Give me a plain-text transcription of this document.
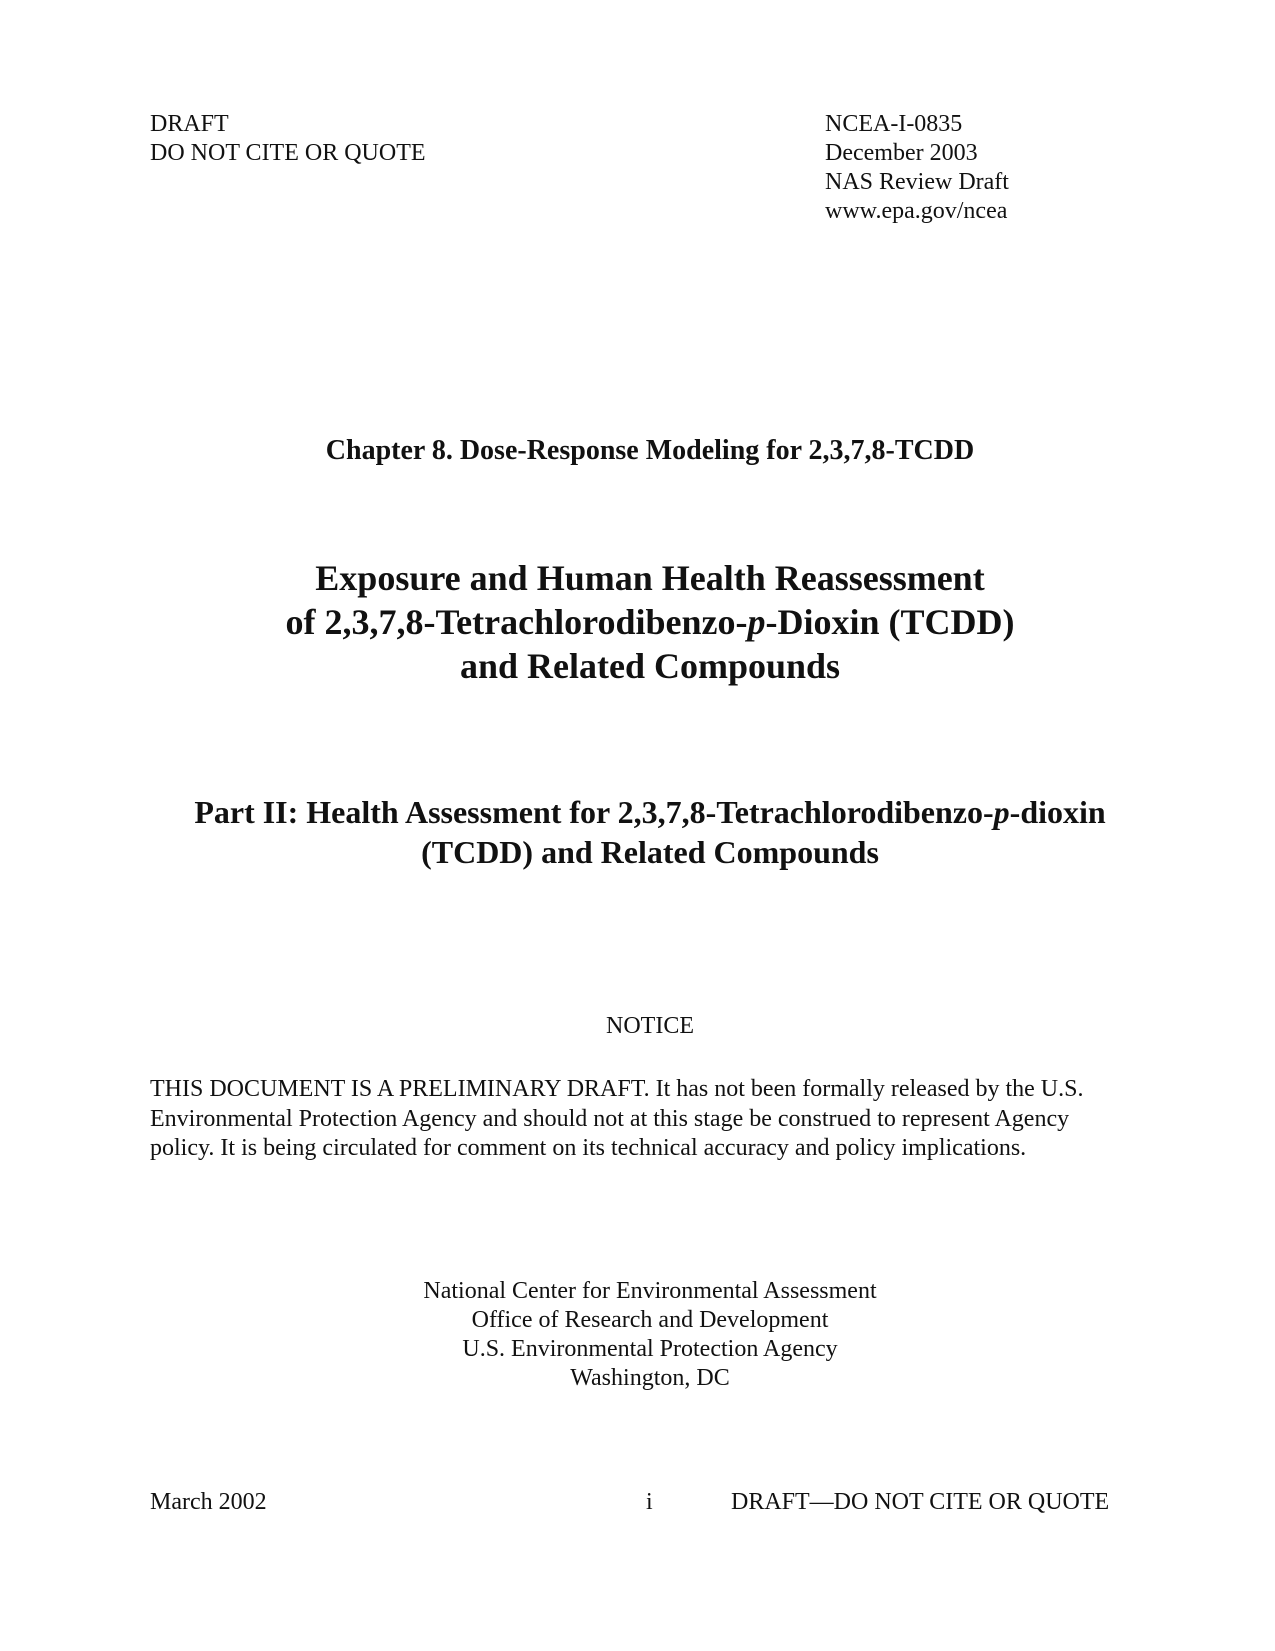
DRAFT
DO NOT CITE OR QUOTE
NCEA-I-0835
December 2003
NAS Review Draft
www.epa.gov/ncea
Chapter 8. Dose-Response Modeling for 2,3,7,8-TCDD
Exposure and Human Health Reassessment
of 2,3,7,8-Tetrachlorodibenzo-p-Dioxin (TCDD)
and Related Compounds
Part II: Health Assessment for 2,3,7,8-Tetrachlorodibenzo-p-dioxin
(TCDD) and Related Compounds
NOTICE
THIS DOCUMENT IS A PRELIMINARY DRAFT. It has not been formally released by the U.S.
Environmental Protection Agency and should not at this stage be construed to represent Agency
policy. It is being circulated for comment on its technical accuracy and policy implications.
National Center for Environmental Assessment
Office of Research and Development
U.S. Environmental Protection Agency
Washington, DC
March 2002	i	DRAFT—DO NOT CITE OR QUOTE
